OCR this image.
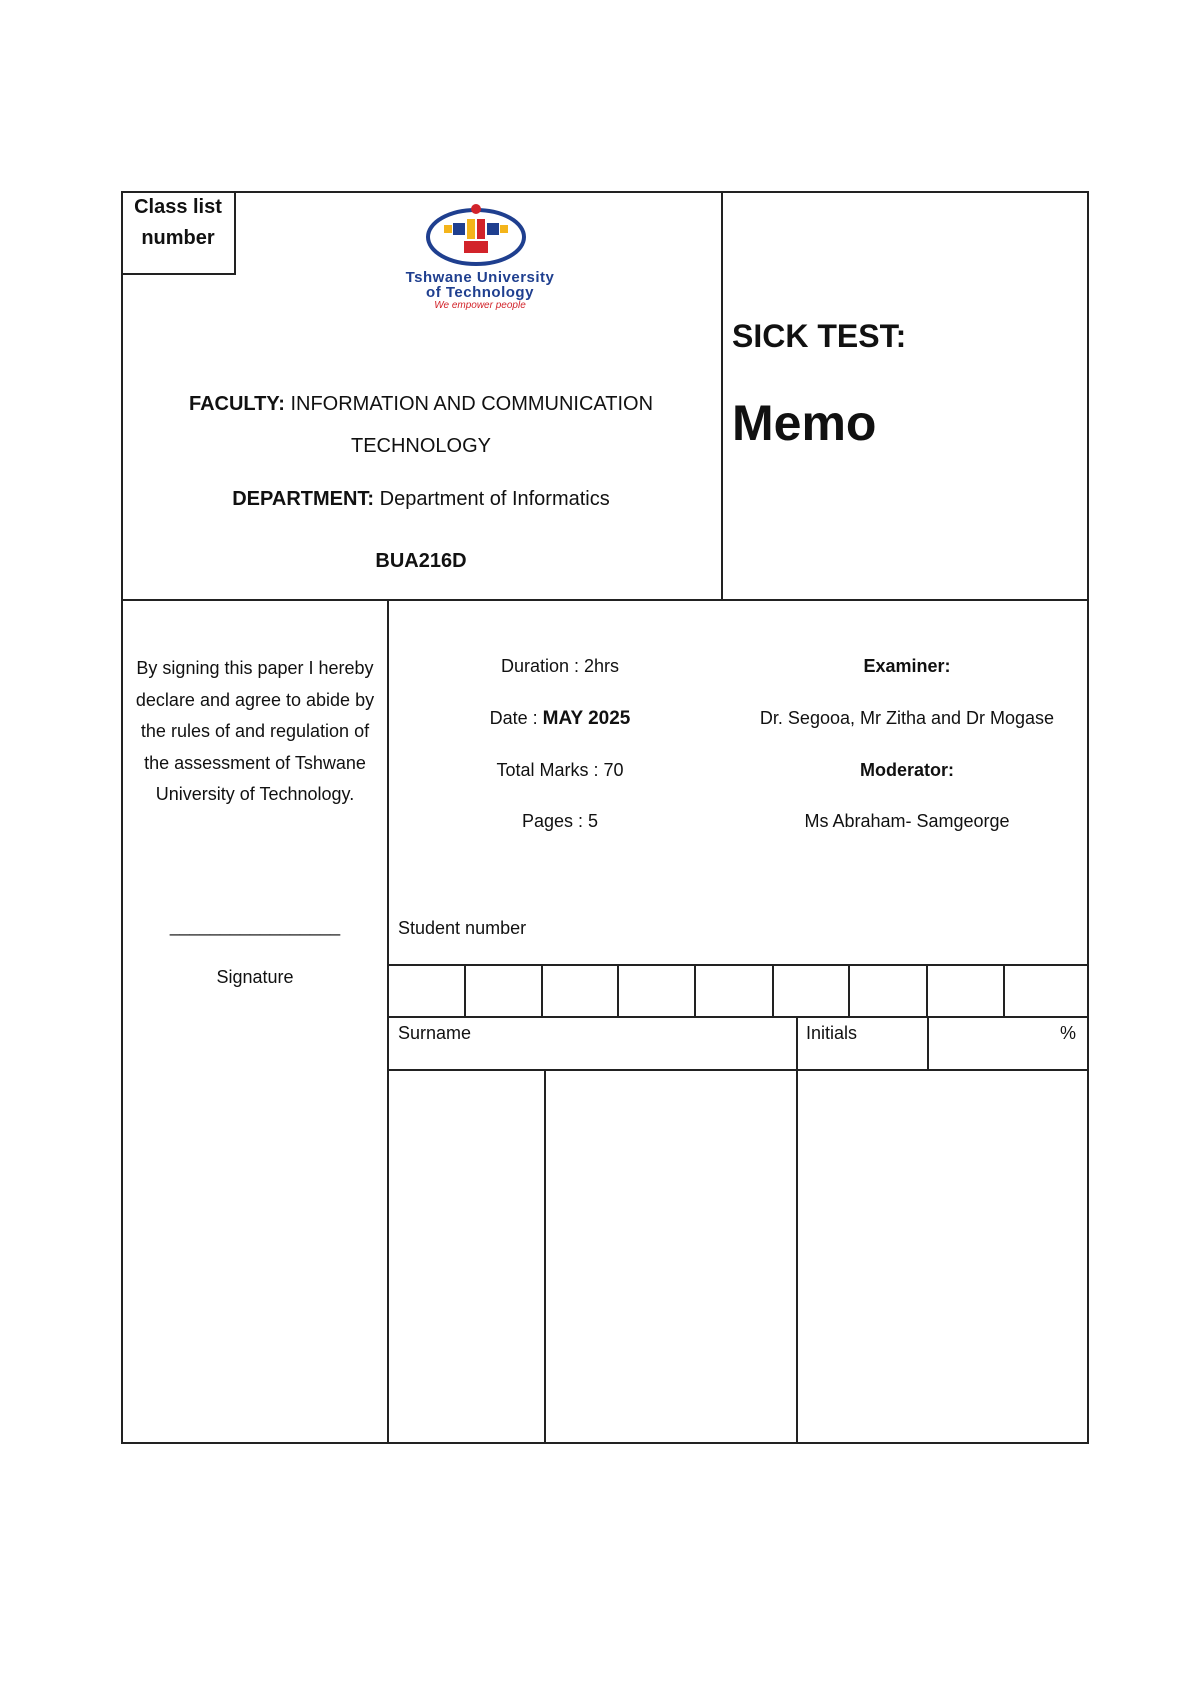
Class list number
Tshwane University
of Technology
We empower people
FACULTY: INFORMATION AND COMMUNICATION TECHNOLOGY
DEPARTMENT: Department of Informatics
BUA216D
SICK TEST:
Memo
By signing this paper I hereby declare and agree to abide by the rules of and regulation of the assessment of Tshwane University of Technology.
_________________
Signature
Duration : 2hrs
Date : MAY 2025
Total Marks : 70
Pages : 5
Examiner:
Dr. Segooa, Mr Zitha and Dr Mogase
Moderator:
Ms Abraham- Samgeorge
Student number
Surname	Initials	%
